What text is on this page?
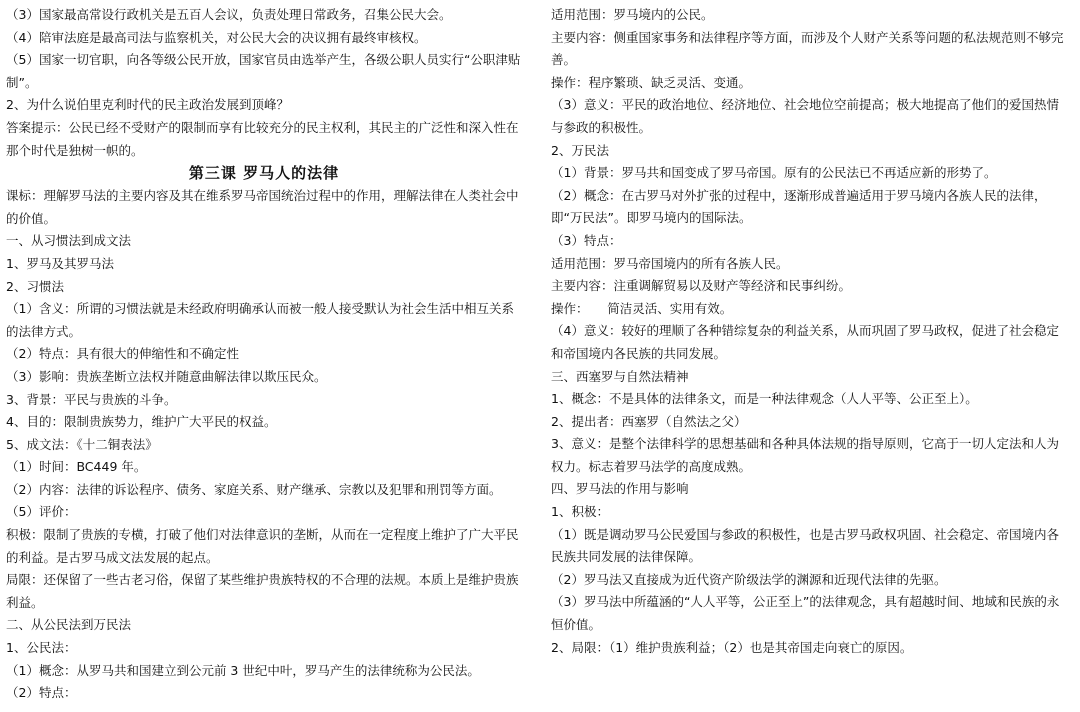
（3）国家最高常设行政机关是五百人会议，负责处理日常政务，召集公民大会。

（4）陪审法庭是最高司法与监察机关，对公民大会的决议拥有最终审核权。

（5）国家一切官职，向各等级公民开放，国家官员由选举产生，各级公职人员实行“公职津贴制”。

2、为什么说伯里克利时代的民主政治发展到顶峰？

答案提示：公民已经不受财产的限制而享有比较充分的民主权利，其民主的广泛性和深入性在那个时代是独树一帜的。

第三课 罗马人的法律

课标：理解罗马法的主要内容及其在维系罗马帝国统治过程中的作用，理解法律在人类社会中的价值。

一、从习惯法到成文法

1、罗马及其罗马法

2、习惯法

（1）含义：所谓的习惯法就是未经政府明确承认而被一般人接受默认为社会生活中相互关系的法律方式。

（2）特点：具有很大的伸缩性和不确定性

（3）影响：贵族垄断立法权并随意曲解法律以欺压民众。

3、背景：平民与贵族的斗争。

4、目的：限制贵族势力，维护广大平民的权益。

5、成文法：《十二铜表法》

（1）时间：BC449 年。

（2）内容：法律的诉讼程序、债务、家庭关系、财产继承、宗教以及犯罪和刑罚等方面。

（5）评价：

积极：限制了贵族的专横，打破了他们对法律意识的垄断，从而在一定程度上维护了广大平民的利益。是古罗马成文法发展的起点。

局限：还保留了一些古老习俗，保留了某些维护贵族特权的不合理的法规。本质上是维护贵族利益。

二、从公民法到万民法

1、公民法：

（1）概念：从罗马共和国建立到公元前 3 世纪中叶，罗马产生的法律统称为公民法。

（2）特点：

适用范围：罗马境内的公民。

主要内容：侧重国家事务和法律程序等方面，而涉及个人财产关系等问题的私法规范则不够完善。

操作：程序繁琐、缺乏灵活、变通。

（3）意义：平民的政治地位、经济地位、社会地位空前提高；极大地提高了他们的爱国热情与参政的积极性。

2、万民法

（1）背景：罗马共和国变成了罗马帝国。原有的公民法已不再适应新的形势了。

（2）概念：在古罗马对外扩张的过程中，逐渐形成普遍适用于罗马境内各族人民的法律，即“万民法”。即罗马境内的国际法。

（3）特点：

适用范围：罗马帝国境内的所有各族人民。

主要内容：注重调解贸易以及财产等经济和民事纠纷。

操作：　　简洁灵活、实用有效。

（4）意义：较好的理顺了各种错综复杂的利益关系，从而巩固了罗马政权，促进了社会稳定和帝国境内各民族的共同发展。

三、西塞罗与自然法精神

1、概念：不是具体的法律条文，而是一种法律观念（人人平等、公正至上）。

2、提出者：西塞罗（自然法之父）

3、意义：是整个法律科学的思想基础和各种具体法规的指导原则，它高于一切人定法和人为权力。标志着罗马法学的高度成熟。

四、罗马法的作用与影响

1、积极：

（1）既是调动罗马公民爱国与参政的积极性，也是古罗马政权巩固、社会稳定、帝国境内各民族共同发展的法律保障。

（2）罗马法又直接成为近代资产阶级法学的渊源和近现代法律的先驱。

（3）罗马法中所蕴涵的“人人平等，公正至上”的法律观念，具有超越时间、地域和民族的永恒价值。

2、局限：（1）维护贵族利益；（2）也是其帝国走向衰亡的原因。
